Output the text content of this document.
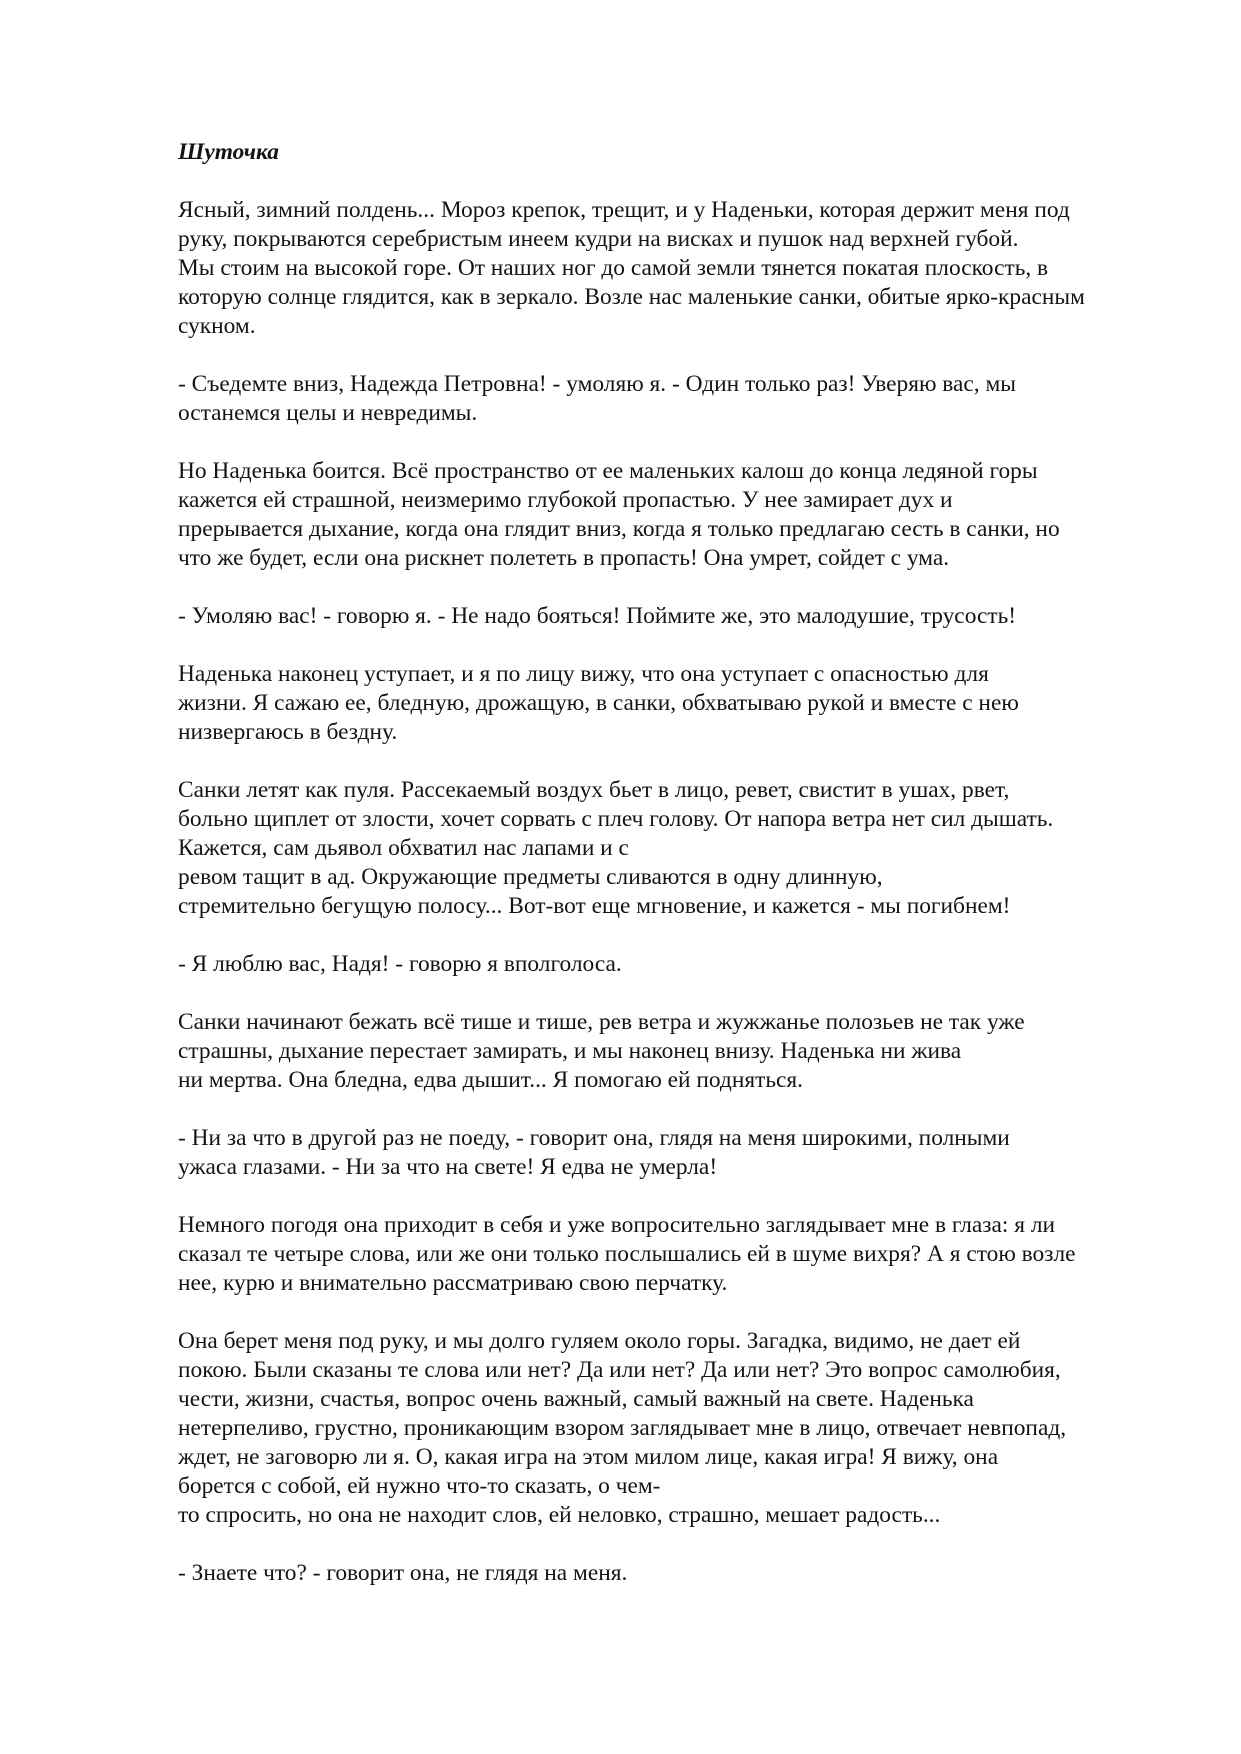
Шуточка
Ясный, зимний полдень... Мороз крепок, трещит, и у Наденьки, которая держит меня под
руку, покрываются серебристым инеем кудри на висках и пушок над верхней губой.
Мы стоим на высокой горе. От наших ног до самой земли тянется покатая плоскость, в
которую солнце глядится, как в зеркало. Возле нас маленькие санки, обитые ярко-красным
сукном.
- Съедемте вниз, Надежда Петровна! - умоляю я. - Один только раз! Уверяю вас, мы
останемся целы и невредимы.
Но Наденька боится. Всё пространство от ее маленьких калош до конца ледяной горы
кажется ей страшной, неизмеримо глубокой пропастью. У нее замирает дух и
прерывается дыхание, когда она глядит вниз, когда я только предлагаю сесть в санки, но
что же будет, если она рискнет полететь в пропасть! Она умрет, сойдет с ума.
- Умоляю вас! - говорю я. - Не надо бояться! Поймите же, это малодушие, трусость!
Наденька наконец уступает, и я по лицу вижу, что она уступает с опасностью для
жизни. Я сажаю ее, бледную, дрожащую, в санки, обхватываю рукой и вместе с нею
низвергаюсь в бездну.
Санки летят как пуля. Рассекаемый воздух бьет в лицо, ревет, свистит в ушах, рвет,
больно щиплет от злости, хочет сорвать с плеч голову. От напора ветра нет сил дышать.
Кажется, сам дьявол обхватил нас лапами и с
ревом тащит в ад. Окружающие предметы сливаются в одну длинную,
стремительно бегущую полосу... Вот-вот еще мгновение, и кажется - мы погибнем!
- Я люблю вас, Надя! - говорю я вполголоса.
Санки начинают бежать всё тише и тише, рев ветра и жужжанье полозьев не так уже
страшны, дыхание перестает замирать, и мы наконец внизу. Наденька ни жива
ни мертва. Она бледна, едва дышит... Я помогаю ей подняться.
- Ни за что в другой раз не поеду, - говорит она, глядя на меня широкими, полными
ужаса глазами. - Ни за что на свете! Я едва не умерла!
Немного погодя она приходит в себя и уже вопросительно заглядывает мне в глаза: я ли
сказал те четыре слова, или же они только послышались ей в шуме вихря? А я стою возле
нее, курю и внимательно рассматриваю свою перчатку.
Она берет меня под руку, и мы долго гуляем около горы. Загадка, видимо, не дает ей
покою. Были сказаны те слова или нет? Да или нет? Да или нет? Это вопрос самолюбия,
чести, жизни, счастья, вопрос очень важный, самый важный на свете. Наденька
нетерпеливо, грустно, проникающим взором заглядывает мне в лицо, отвечает невпопад,
ждет, не заговорю ли я. О, какая игра на этом милом лице, какая игра! Я вижу, она
борется с собой, ей нужно что-то сказать, о чем-
то спросить, но она не находит слов, ей неловко, страшно, мешает радость...
- Знаете что? - говорит она, не глядя на меня.
